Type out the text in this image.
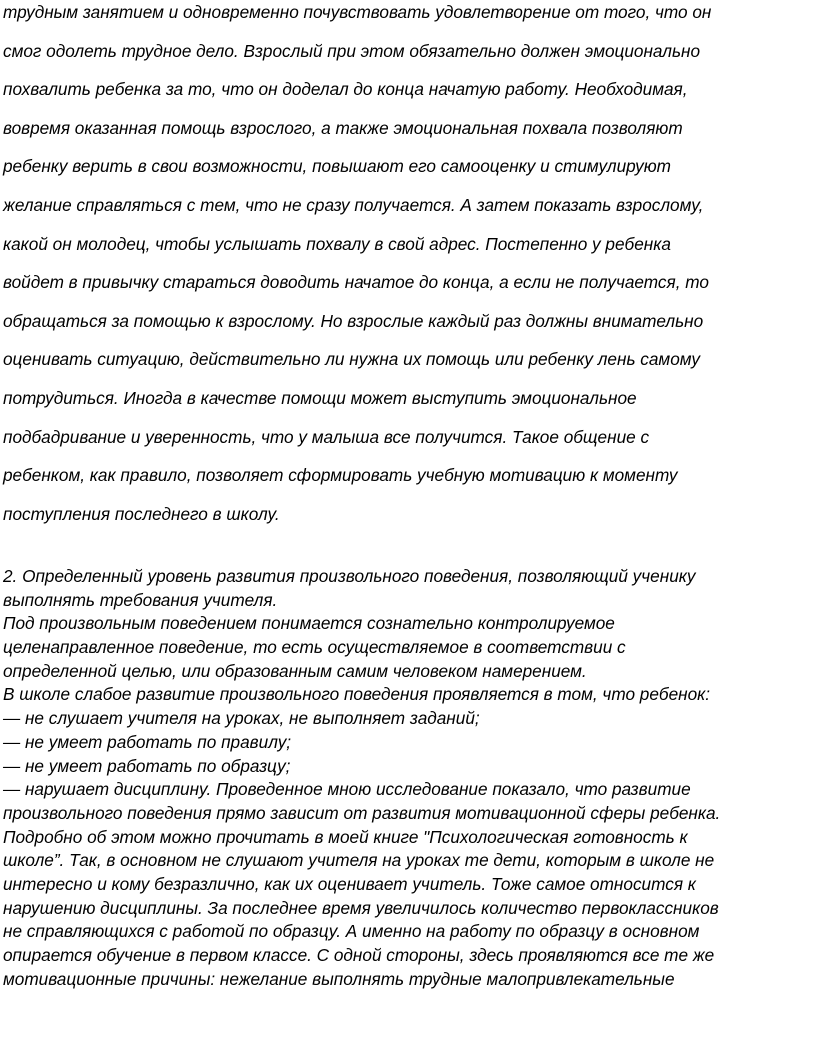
трудным занятием и одновременно почувствовать удовлетворение от того, что он
смог одолеть трудное дело. Взрослый при этом обязательно должен эмоционально
похвалить ребенка за то, что он доделал до конца начатую работу. Необходимая,
вовремя оказанная помощь взрослого, а также эмоциональная похвала позволяют
ребенку верить в свои возможности, повышают его самооценку и стимулируют
желание справляться с тем, что не сразу получается. А затем показать взрослому,
какой он молодец, чтобы услышать похвалу в свой адрес. Постепенно у ребенка
войдет в привычку стараться доводить начатое до конца, а если не получается, то
обращаться за помощью к взрослому. Но взрослые каждый раз должны внимательно
оценивать ситуацию, действительно ли нужна их помощь или ребенку лень самому
потрудиться. Иногда в качестве помощи может выступить эмоциональное
подбадривание и уверенность, что у малыша все получится. Такое общение с
ребенком, как правило, позволяет сформировать учебную мотивацию к моменту
поступления последнего в школу.
2. Определенный уровень развития произвольного поведения, позволяющий ученику
выполнять требования учителя.
Под произвольным поведением понимается сознательно контролируемое
целенаправленное поведение, то есть осуществляемое в соответствии с
определенной целью, или образованным самим человеком намерением.
В школе слабое развитие произвольного поведения проявляется в том, что ребенок:
— не слушает учителя на уроках, не выполняет заданий;
— не умеет работать по правилу;
— не умеет работать по образцу;
— нарушает дисциплину. Проведенное мною исследование показало, что развитие
произвольного поведения прямо зависит от развития мотивационной сферы ребенка.
Подробно об этом можно прочитать в моей книге "Психологическая готовность к
школе”. Так, в основном не слушают учителя на уроках те дети, которым в школе не
интересно и кому безразлично, как их оценивает учитель. Тоже самое относится к
нарушению дисциплины. За последнее время увеличилось количество первоклассников
не справляющихся с работой по образцу. А именно на работу по образцу в основном
опирается обучение в первом классе. С одной стороны, здесь проявляются все те же
мотивационные причины: нежелание выполнять трудные малопривлекательные
